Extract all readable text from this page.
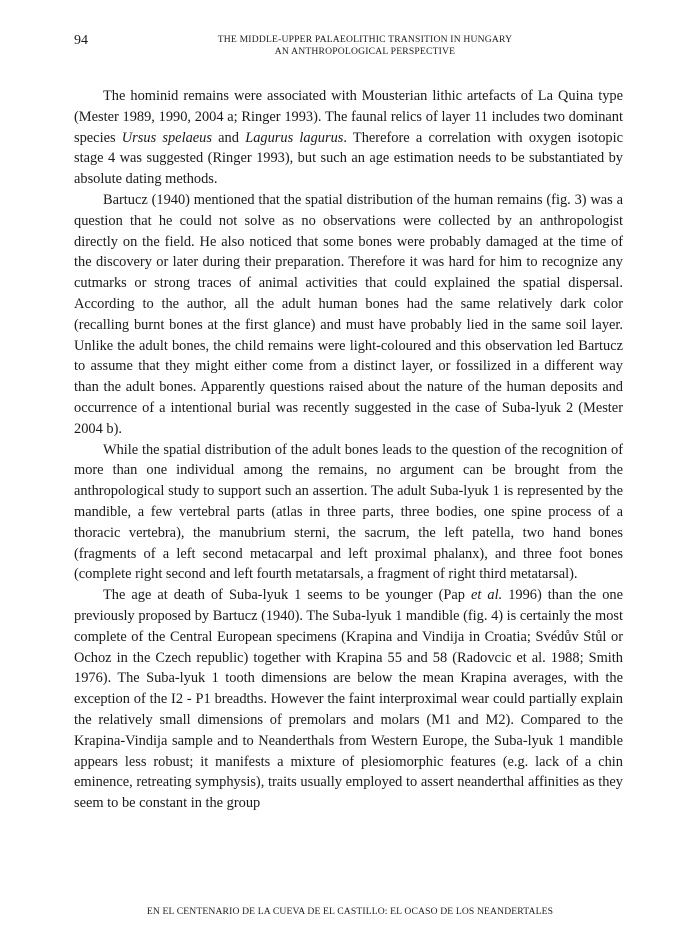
94	THE MIDDLE-UPPER PALAEOLITHIC TRANSITION IN HUNGARY
AN ANTHROPOLOGICAL PERSPECTIVE

The hominid remains were associated with Mousterian lithic artefacts of La Quina type (Mester 1989, 1990, 2004 a; Ringer 1993). The faunal relics of layer 11 includes two dominant species Ursus spelaeus and Lagurus lagurus. Therefore a correlation with oxygen isotopic stage 4 was suggested (Ringer 1993), but such an age estimation needs to be substantiated by absolute dating methods.

Bartucz (1940) mentioned that the spatial distribution of the human remains (fig. 3) was a question that he could not solve as no observations were collected by an anthropologist directly on the field. He also noticed that some bones were probably damaged at the time of the discovery or later during their preparation. Therefore it was hard for him to recognize any cutmarks or strong traces of animal activities that could explained the spatial dispersal. According to the author, all the adult human bones had the same relatively dark color (recalling burnt bones at the first glance) and must have probably lied in the same soil layer. Unlike the adult bones, the child remains were light-coloured and this observation led Bartucz to assume that they might either come from a distinct layer, or fossilized in a different way than the adult bones. Apparently questions raised about the nature of the human deposits and occurrence of a intentional burial was recently suggested in the case of Suba-lyuk 2 (Mester 2004 b).

While the spatial distribution of the adult bones leads to the question of the recognition of more than one individual among the remains, no argument can be brought from the anthropological study to support such an assertion. The adult Suba-lyuk 1 is represented by the mandible, a few vertebral parts (atlas in three parts, three bodies, one spine process of a thoracic vertebra), the manubrium sterni, the sacrum, the left patella, two hand bones (fragments of a left second metacarpal and left proximal phalanx), and three foot bones (complete right second and left fourth metatarsals, a fragment of right third metatarsal).

The age at death of Suba-lyuk 1 seems to be younger (Pap et al. 1996) than the one previously proposed by Bartucz (1940). The Suba-lyuk 1 mandible (fig. 4) is certainly the most complete of the Central European specimens (Krapina and Vindija in Croatia; Svédův Stůl or Ochoz in the Czech republic) together with Krapina 55 and 58 (Radovcic et al. 1988; Smith 1976). The Suba-lyuk 1 tooth dimensions are below the mean Krapina averages, with the exception of the I2 - P1 breadths. However the faint interproximal wear could partially explain the relatively small dimensions of premolars and molars (M1 and M2). Compared to the Krapina-Vindija sample and to Neanderthals from Western Europe, the Suba-lyuk 1 mandible appears less robust; it manifests a mixture of plesiomorphic features (e.g. lack of a chin eminence, retreating symphysis), traits usually employed to assert neanderthal affinities as they seem to be constant in the group

EN EL CENTENARIO DE LA CUEVA DE EL CASTILLO: EL OCASO DE LOS NEANDERTALES
